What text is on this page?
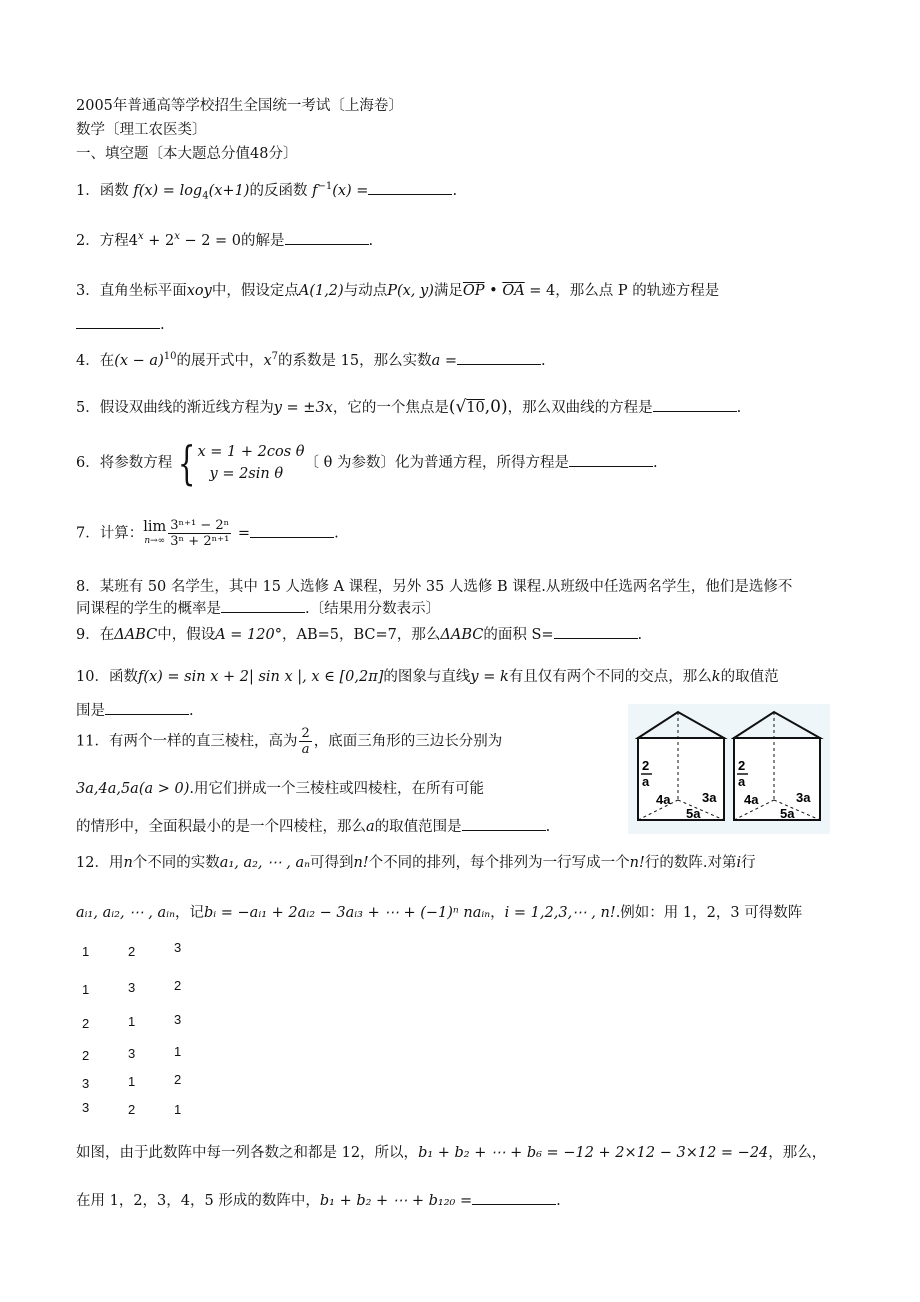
2005年普通高等学校招生全国统一考试〔上海卷〕
数学〔理工农医类〕
一、填空题〔本大题总分值48分〕
1．函数 $f(x) = \log_4(x+1)$的反函数 $f^{-1}(x)$ =	.
2．方程$4^x + 2^x - 2 = 0$的解是	.
3．直角坐标平面xoy中，假设定点A(1,2)与动点P(x, y)满足$\overline{OP}$ • $\overline{OA} = 4$，那么点 P 的轨迹方程是
.
4．在$(x - a)^{10}$的展开式中，$x^7$的系数是 15，那么实数a =	.
5．假设双曲线的渐近线方程为y = ±3x，它的一个焦点是(√10,0)，那么双曲线的方程是	.
6．将参数方程 { x = 1 + 2cos θ
y = 2sin θ
〔 θ 为参数〕化为普通方程，所得方程是	.
7．计算： lim
$n\to\infty \frac{\text{3ⁿ⁺¹ − 2ⁿ}}{\text{3ⁿ + 2ⁿ⁺¹}}$ =	.
8．某班有 50 名学生，其中 15 人选修 A 课程，另外 35 人选修 B 课程.从班级中任选两名学生，他们是选修不
同课程的学生的概率是	.〔结果用分数表示〕
9．在ΔABC中，假设A = 120°，AB=5，BC=7，那么ΔABC的面积 S=	.
10．函数f(x) = sin x + 2| sin x |, x ∈ [0,2π]的图象与直线y = k有且仅有两个不同的交点，那么k的取值范
围是	.
11．有两个一样的直三棱柱，高为 $\frac{2}{a}$ ，底面三角形的三边长分别为
3a,4a,5a(a > 0).用它们拼成一个三棱柱或四棱柱，在所有可能
的情形中，全面积最小的是一个四棱柱，那么a的取值范围是	.
2
a
4a 3a
5a
2
a
4a	3a
5a
12．用n个不同的实数a₁, a₂, ⋯ , aₙ可得到n!个不同的排列，每个排列为一行写成一个n!行的数阵.对第i行
aᵢ₁, aᵢ₂, ⋯ , aᵢₙ，记bᵢ = −aᵢ₁ + 2aᵢ₂ − 3aᵢ₃ + ⋯ + (−1)ⁿ naᵢₙ，i = 1,2,3,⋯ , n!.例如：用 1，2，3 可得数阵
1	2	3
1	3	2
2	1	3
2	3	1
3	1	2
3	2	1
如图，由于此数阵中每一列各数之和都是 12，所以，b₁ + b₂ + ⋯ + b₆ = −12 + 2×12 − 3×12 = −24，那么，
在用 1，2，3，4，5 形成的数阵中，b₁ + b₂ + ⋯ + b₁₂₀ =	.
